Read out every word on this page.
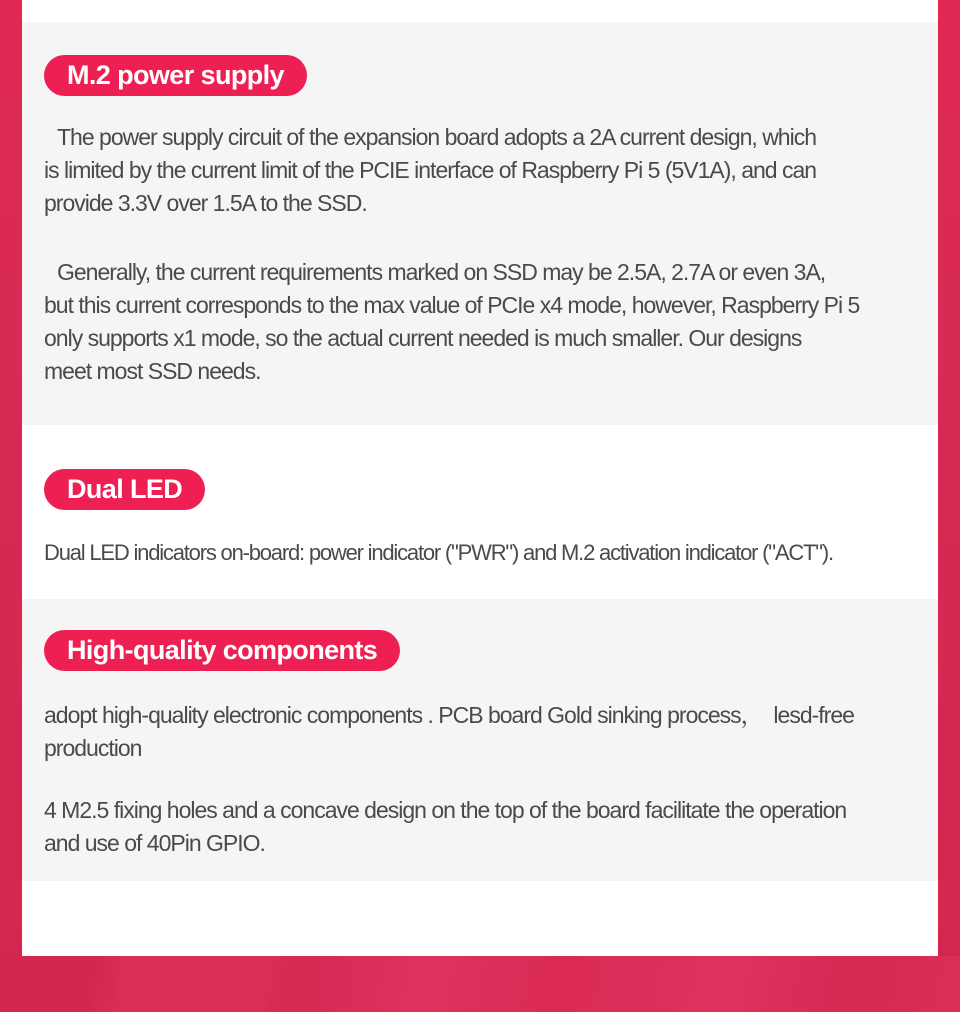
M.2 power supply
The power supply circuit of the expansion board adopts a 2A current design, which
is limited by the current limit of the PCIE interface of Raspberry Pi 5 (5V1A), and can
provide 3.3V over 1.5A to the SSD.
Generally, the current requirements marked on SSD may be 2.5A, 2.7A or even 3A,
but this current corresponds to the max value of PCIe x4 mode, however, Raspberry Pi 5
only supports x1 mode, so the actual current needed is much smaller. Our designs
meet most SSD needs.
Dual LED
Dual LED indicators on-board: power indicator ("PWR") and M.2 activation indicator ("ACT").
High-quality components
adopt high-quality electronic components . PCB board Gold sinking process，  lesd-free
production
4 M2.5 fixing holes and a concave design on the top of the board facilitate the operation
and use of 40Pin GPIO.
